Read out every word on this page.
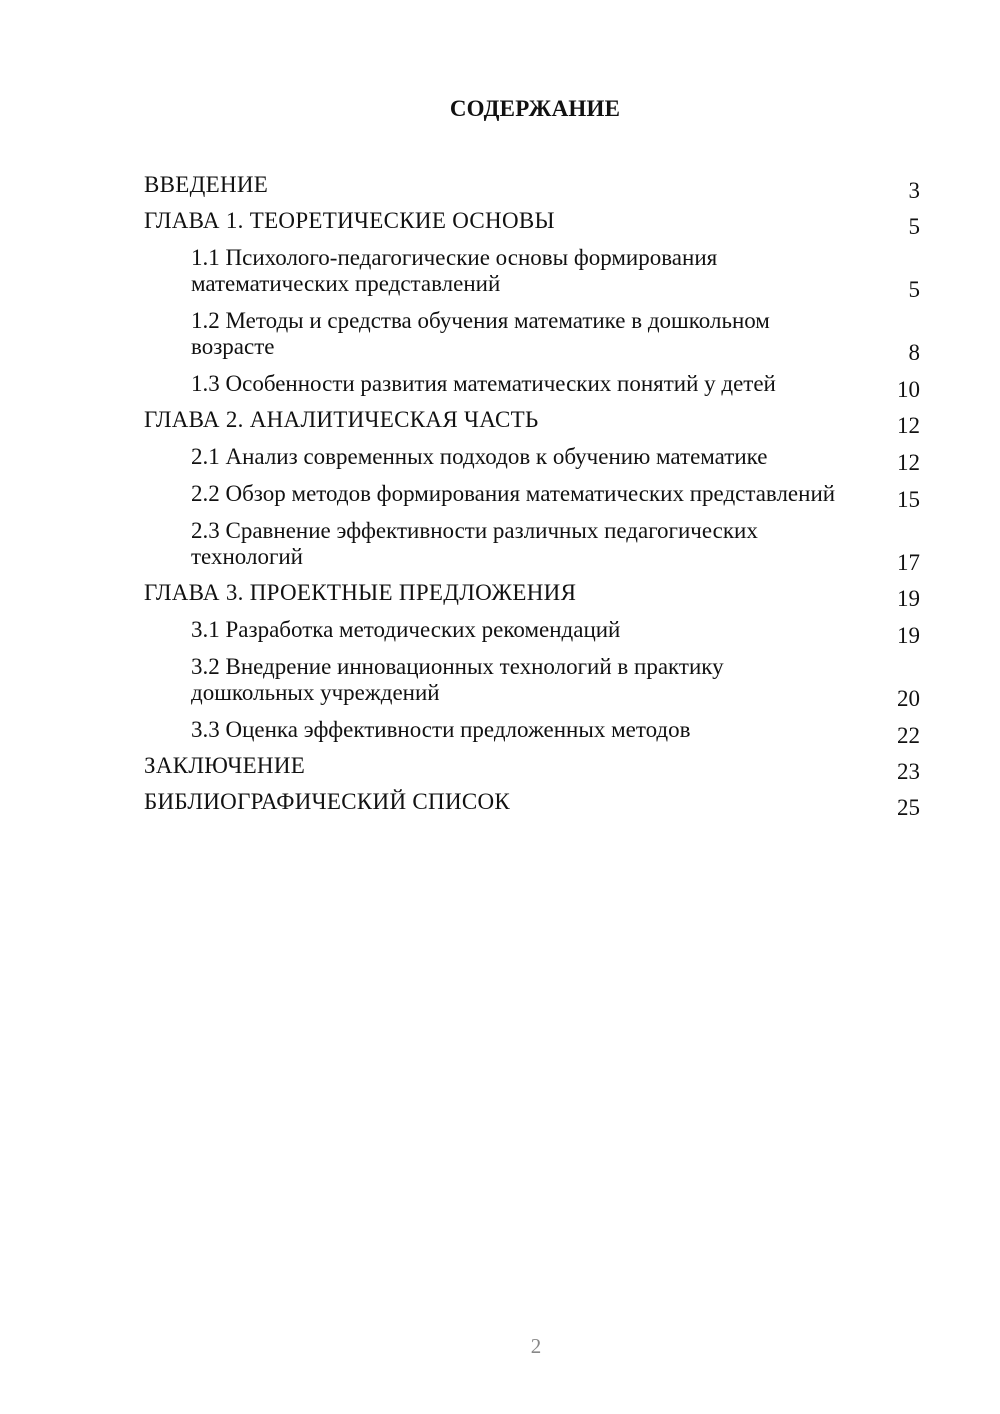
СОДЕРЖАНИЕ
ВВЕДЕНИЕ	3
ГЛАВА 1. ТЕОРЕТИЧЕСКИЕ ОСНОВЫ	5
1.1 Психолого-педагогические основы формирования математических представлений	5
1.2 Методы и средства обучения математике в дошкольном возрасте	8
1.3 Особенности развития математических понятий у детей	10
ГЛАВА 2. АНАЛИТИЧЕСКАЯ ЧАСТЬ	12
2.1 Анализ современных подходов к обучению математике	12
2.2 Обзор методов формирования математических представлений	15
2.3 Сравнение эффективности различных педагогических технологий	17
ГЛАВА 3. ПРОЕКТНЫЕ ПРЕДЛОЖЕНИЯ	19
3.1 Разработка методических рекомендаций	19
3.2 Внедрение инновационных технологий в практику дошкольных учреждений	20
3.3 Оценка эффективности предложенных методов	22
ЗАКЛЮЧЕНИЕ	23
БИБЛИОГРАФИЧЕСКИЙ СПИСОК	25
2
